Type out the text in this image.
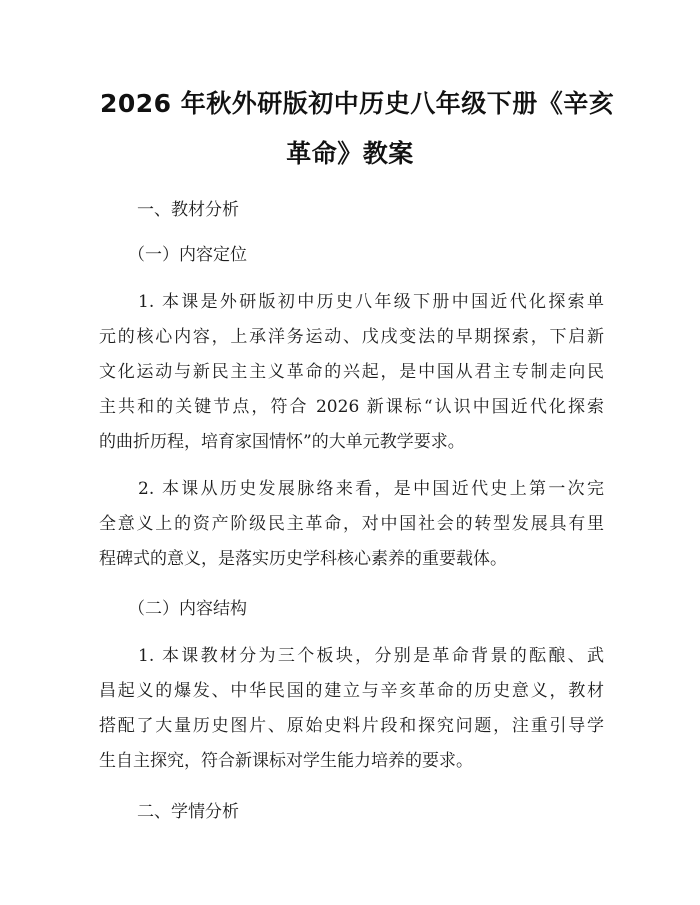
2026 年秋外研版初中历史八年级下册《辛亥
革命》教案

一、教材分析

（一）内容定位

1. 本课是外研版初中历史八年级下册中国近代化探索单

元的核心内容，上承洋务运动、戊戌变法的早期探索，下启新

文化运动与新民主主义革命的兴起，是中国从君主专制走向民

主共和的关键节点，符合 2026 新课标“认识中国近代化探索

的曲折历程，培育家国情怀”的大单元教学要求。

2. 本课从历史发展脉络来看，是中国近代史上第一次完

全意义上的资产阶级民主革命，对中国社会的转型发展具有里

程碑式的意义，是落实历史学科核心素养的重要载体。

（二）内容结构

1. 本课教材分为三个板块，分别是革命背景的酝酿、武

昌起义的爆发、中华民国的建立与辛亥革命的历史意义，教材

搭配了大量历史图片、原始史料片段和探究问题，注重引导学

生自主探究，符合新课标对学生能力培养的要求。

二、学情分析
